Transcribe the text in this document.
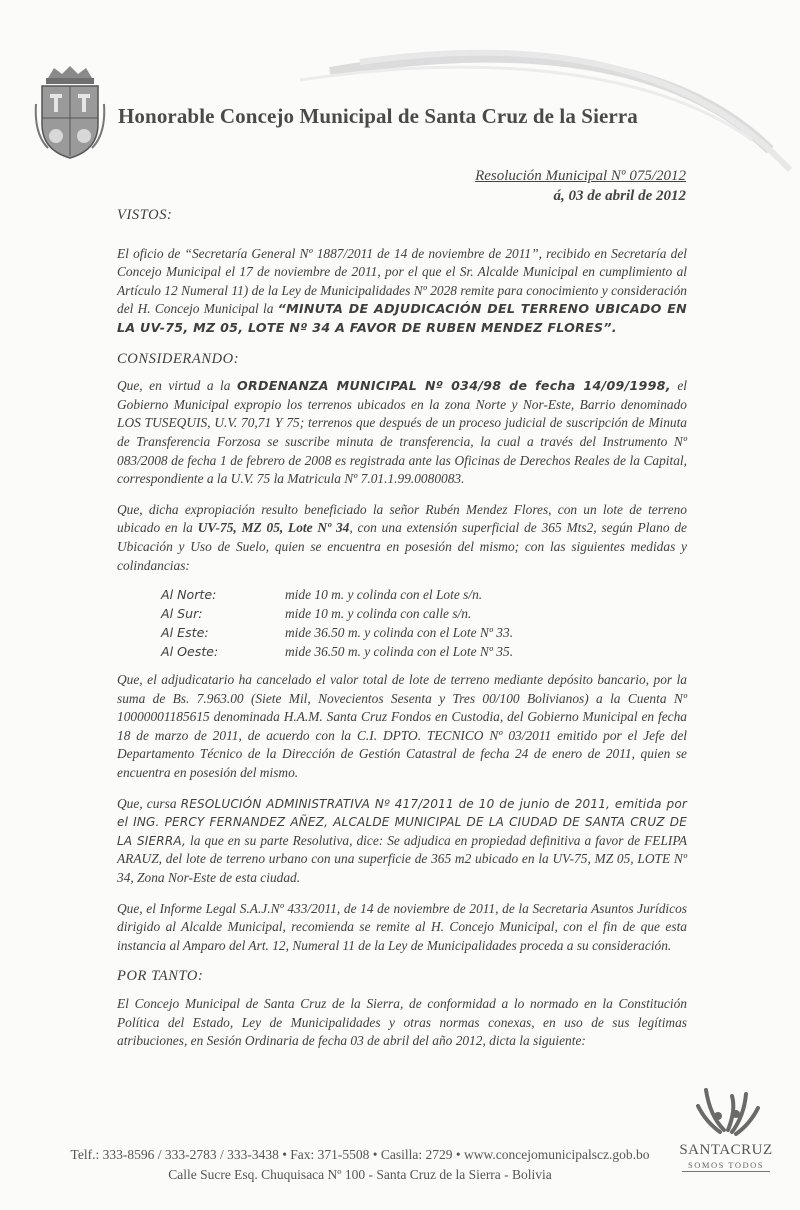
Honorable Concejo Municipal de Santa Cruz de la Sierra
Resolución Municipal Nº 075/2012
á, 03 de abril de 2012
VISTOS:

El oficio de “Secretaría General Nº 1887/2011 de 14 de noviembre de 2011”, recibido en Secretaría del Concejo Municipal el 17 de noviembre de 2011, por el que el Sr. Alcalde Municipal en cumplimiento al Artículo 12 Numeral 11) de la Ley de Municipalidades Nº 2028 remite para conocimiento y consideración del H. Concejo Municipal la “MINUTA DE ADJUDICACIÓN DEL TERRENO UBICADO EN LA UV-75, MZ 05, LOTE Nº 34 A FAVOR DE RUBEN MENDEZ FLORES”.

CONSIDERANDO:

Que, en virtud a la ORDENANZA MUNICIPAL Nº 034/98 de fecha 14/09/1998, el Gobierno Municipal expropio los terrenos ubicados en la zona Norte y Nor-Este, Barrio denominado LOS TUSEQUIS, U.V. 70,71 Y 75; terrenos que después de un proceso judicial de suscripción de Minuta de Transferencia Forzosa se suscribe minuta de transferencia, la cual a través del Instrumento Nº 083/2008 de fecha 1 de febrero de 2008 es registrada ante las Oficinas de Derechos Reales de la Capital, correspondiente a la U.V. 75 la Matricula Nº 7.01.1.99.0080083.

Que, dicha expropiación resulto beneficiado la señor Rubén Mendez Flores, con un lote de terreno ubicado en la UV-75, MZ 05, Lote Nº 34, con una extensión superficial de 365 Mts2, según Plano de Ubicación y Uso de Suelo, quien se encuentra en posesión del mismo; con las siguientes medidas y colindancias:

Al Norte:	mide 10 m. y colinda con el Lote s/n.
Al Sur:	mide 10 m. y colinda con calle s/n.
Al Este:	mide 36.50 m. y colinda con el Lote Nº 33.
Al Oeste:	mide 36.50 m. y colinda con el Lote Nº 35.

Que, el adjudicatario ha cancelado el valor total de lote de terreno mediante depósito bancario, por la suma de Bs. 7.963.00 (Siete Mil, Novecientos Sesenta y Tres 00/100 Bolivianos) a la Cuenta Nº 10000001185615 denominada H.A.M. Santa Cruz Fondos en Custodia, del Gobierno Municipal en fecha 18 de marzo de 2011, de acuerdo con la C.I. DPTO. TECNICO Nº 03/2011 emitido por el Jefe del Departamento Técnico de la Dirección de Gestión Catastral de fecha 24 de enero de 2011, quien se encuentra en posesión del mismo.

Que, cursa RESOLUCIÓN ADMINISTRATIVA Nº 417/2011 de 10 de junio de 2011, emitida por el ING. PERCY FERNANDEZ AÑEZ, ALCALDE MUNICIPAL DE LA CIUDAD DE SANTA CRUZ DE LA SIERRA, la que en su parte Resolutiva, dice: Se adjudica en propiedad definitiva a favor de FELIPA ARAUZ, del lote de terreno urbano con una superficie de 365 m2 ubicado en la UV-75, MZ 05, LOTE Nº 34, Zona Nor-Este de esta ciudad.

Que, el Informe Legal S.A.J.Nº 433/2011, de 14 de noviembre de 2011, de la Secretaria Asuntos Jurídicos dirigido al Alcalde Municipal, recomienda se remite al H. Concejo Municipal, con el fin de que esta instancia al Amparo del Art. 12, Numeral 11 de la Ley de Municipalidades proceda a su consideración.

POR TANTO:

El Concejo Municipal de Santa Cruz de la Sierra, de conformidad a lo normado en la Constitución Política del Estado, Ley de Municipalidades y otras normas conexas, en uso de sus legítimas atribuciones, en Sesión Ordinaria de fecha 03 de abril del año 2012, dicta la siguiente:

SANTACRUZ
SOMOS TODOS
Telf.: 333-8596 / 333-2783 / 333-3438 • Fax: 371-5508 • Casilla: 2729 • www.concejomunicipalscz.gob.bo
Calle Sucre Esq. Chuquisaca Nº 100 - Santa Cruz de la Sierra - Bolivia
